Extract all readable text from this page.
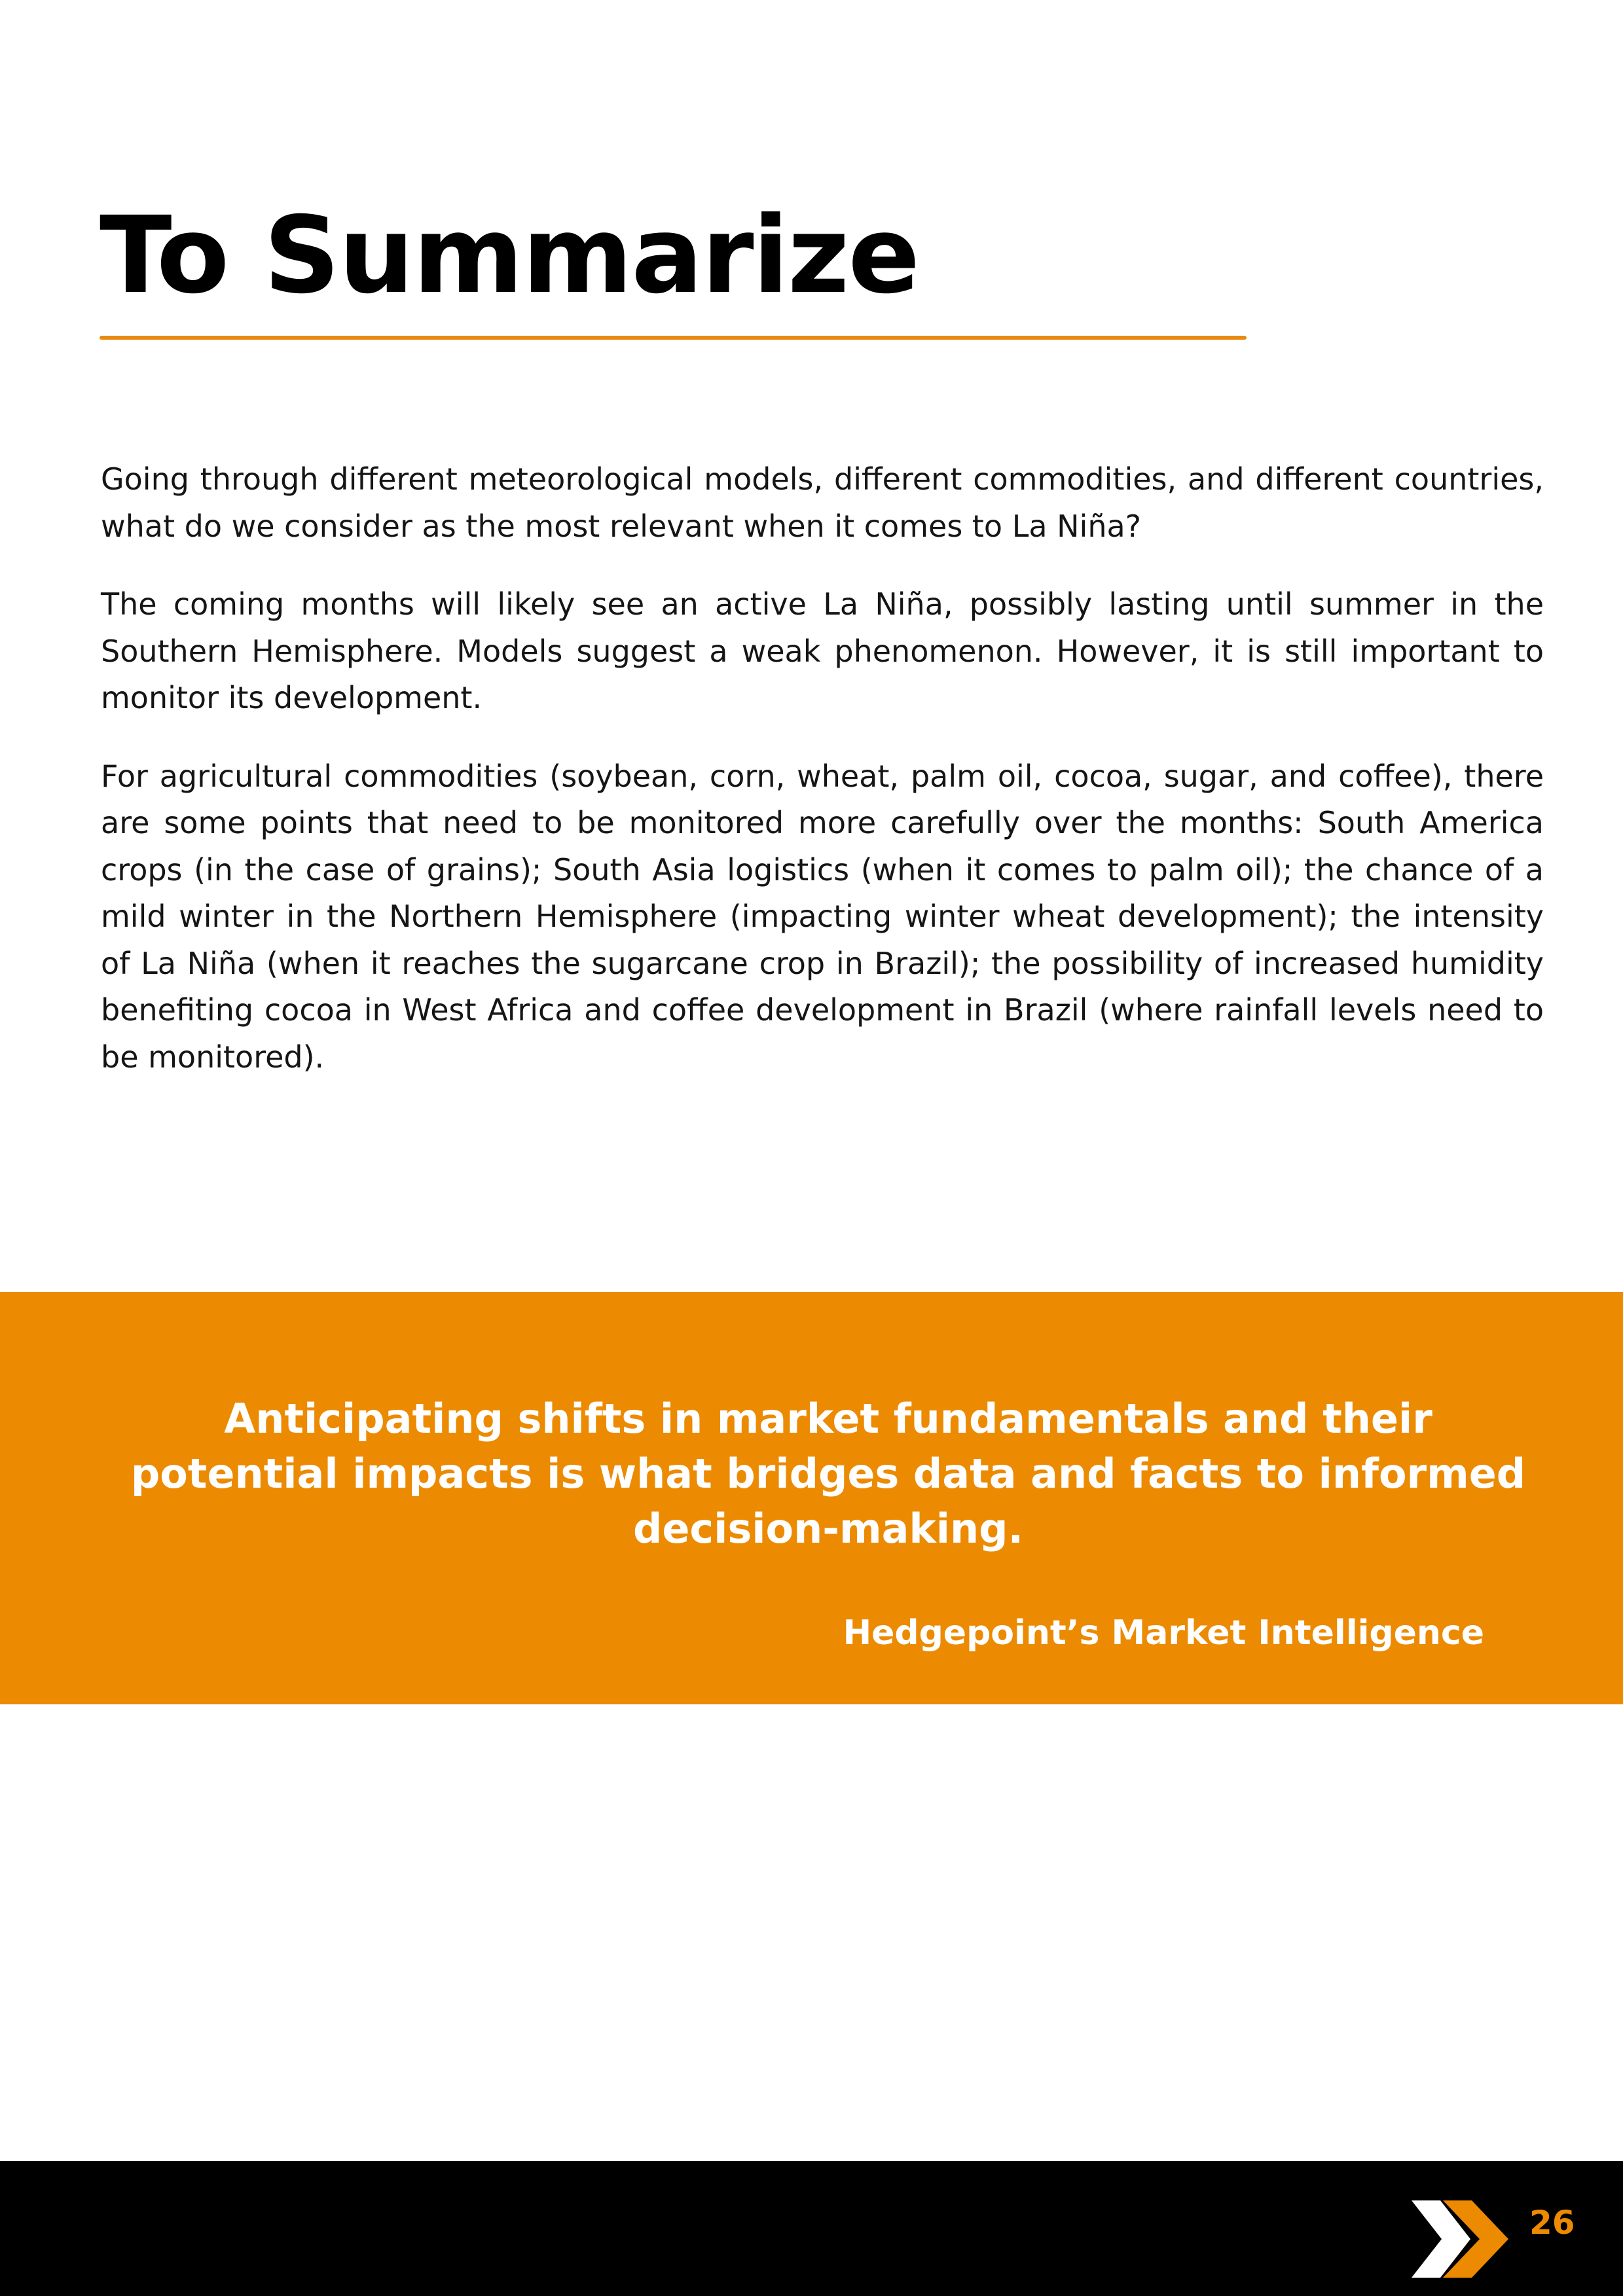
To Summarize

Going through different meteorological models, different commodities, and different countries, what do we consider as the most relevant when it comes to La Niña?

The coming months will likely see an active La Niña, possibly lasting until summer in the Southern Hemisphere. Models suggest a weak phenomenon. However, it is still important to monitor its development.

For agricultural commodities (soybean, corn, wheat, palm oil, cocoa, sugar, and coffee), there are some points that need to be monitored more carefully over the months: South America crops (in the case of grains); South Asia logistics (when it comes to palm oil); the chance of a mild winter in the Northern Hemisphere (impacting winter wheat development); the intensity of La Niña (when it reaches the sugarcane crop in Brazil); the possibility of increased humidity benefiting cocoa in West Africa and coffee development in Brazil (where rainfall levels need to be monitored).

Anticipating shifts in market fundamentals and their potential impacts is what bridges data and facts to informed decision-making.

Hedgepoint’s Market Intelligence

26
